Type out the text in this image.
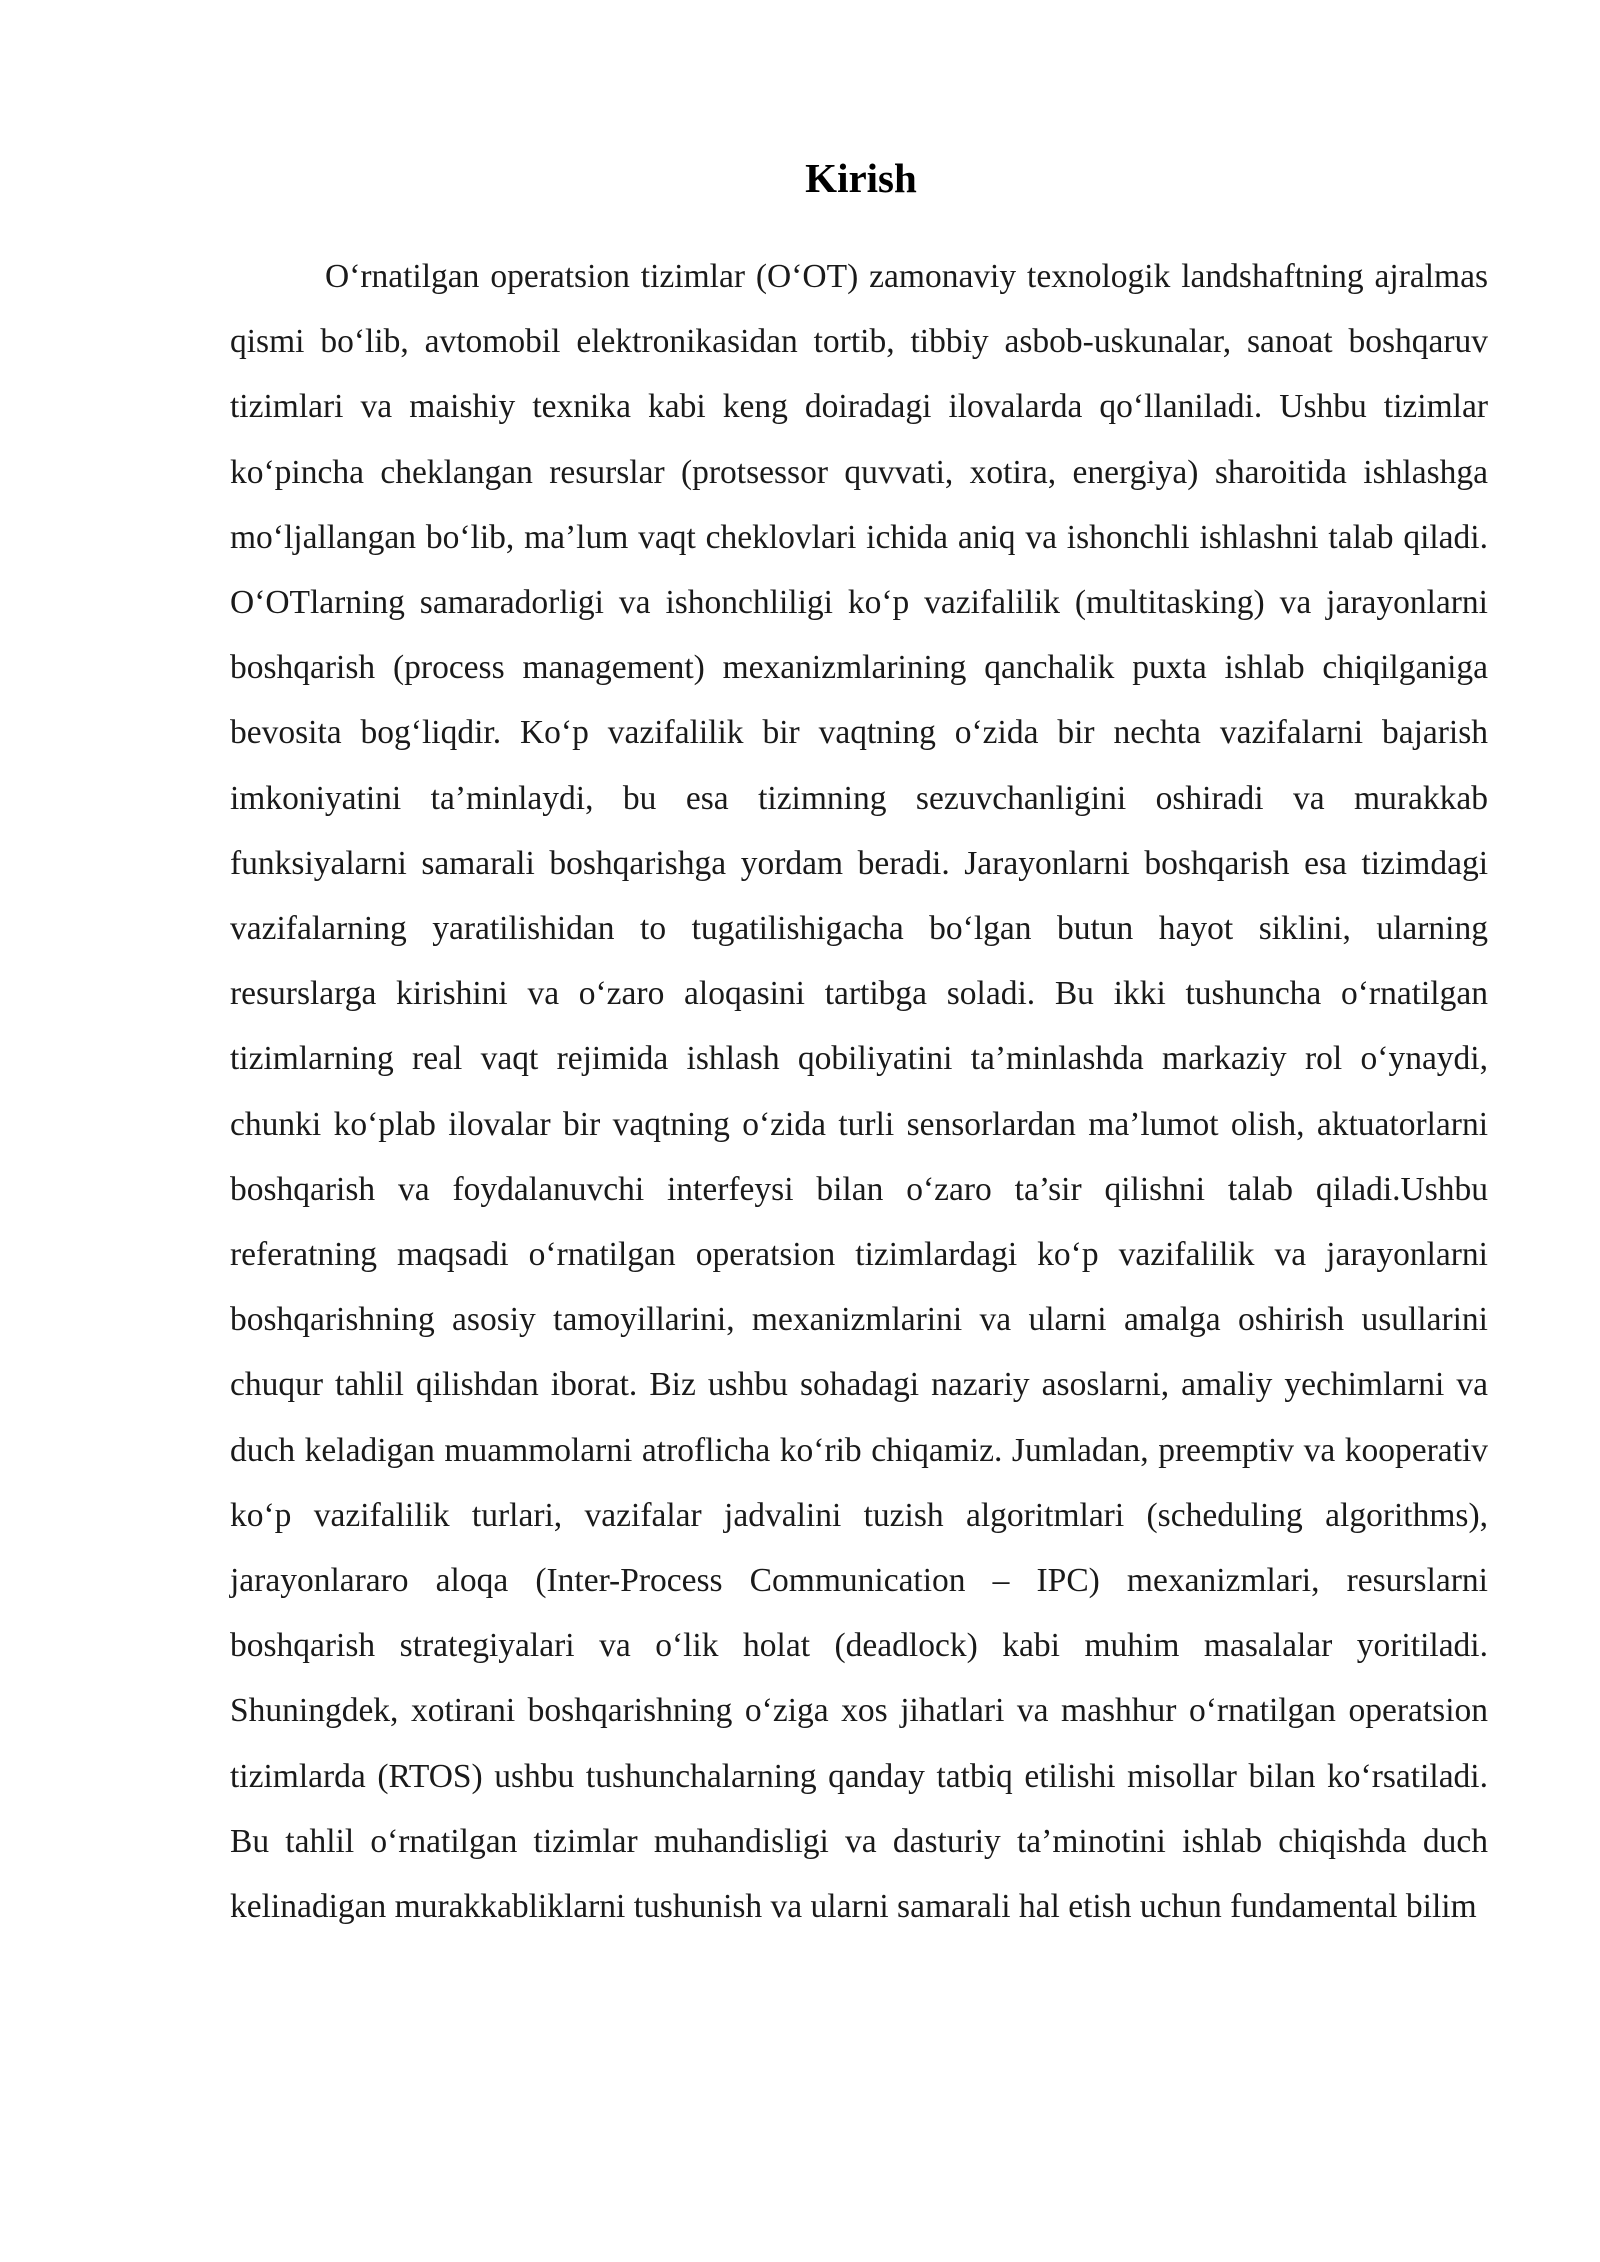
Kirish

O‘rnatilgan operatsion tizimlar (O‘OT) zamonaviy texnologik landshaftning ajralmas qismi bo‘lib, avtomobil elektronikasidan tortib, tibbiy asbob-uskunalar, sanoat boshqaruv tizimlari va maishiy texnika kabi keng doiradagi ilovalarda qo‘llaniladi. Ushbu tizimlar ko‘pincha cheklangan resurslar (protsessor quvvati, xotira, energiya) sharoitida ishlashga mo‘ljallangan bo‘lib, ma’lum vaqt cheklovlari ichida aniq va ishonchli ishlashni talab qiladi. O‘OTlarning samaradorligi va ishonchliligi ko‘p vazifalilik (multitasking) va jarayonlarni boshqarish (process management) mexanizmlarining qanchalik puxta ishlab chiqilganiga bevosita bog‘liqdir. Ko‘p vazifalilik bir vaqtning o‘zida bir nechta vazifalarni bajarish imkoniyatini ta’minlaydi, bu esa tizimning sezuvchanligini oshiradi va murakkab funksiyalarni samarali boshqarishga yordam beradi. Jarayonlarni boshqarish esa tizimdagi vazifalarning yaratilishidan to tugatilishigacha bo‘lgan butun hayot siklini, ularning resurslarga kirishini va o‘zaro aloqasini tartibga soladi. Bu ikki tushuncha o‘rnatilgan tizimlarning real vaqt rejimida ishlash qobiliyatini ta’minlashda markaziy rol o‘ynaydi, chunki ko‘plab ilovalar bir vaqtning o‘zida turli sensorlardan ma’lumot olish, aktuatorlarni boshqarish va foydalanuvchi interfeysi bilan o‘zaro ta’sir qilishni talab qiladi.Ushbu referatning maqsadi o‘rnatilgan operatsion tizimlardagi ko‘p vazifalilik va jarayonlarni boshqarishning asosiy tamoyillarini, mexanizmlarini va ularni amalga oshirish usullarini chuqur tahlil qilishdan iborat. Biz ushbu sohadagi nazariy asoslarni, amaliy yechimlarni va duch keladigan muammolarni atroflicha ko‘rib chiqamiz. Jumladan, preemptiv va kooperativ ko‘p vazifalilik turlari, vazifalar jadvalini tuzish algoritmlari (scheduling algorithms), jarayonlararo aloqa (Inter-Process Communication – IPC) mexanizmlari, resurslarni boshqarish strategiyalari va o‘lik holat (deadlock) kabi muhim masalalar yoritiladi. Shuningdek, xotirani boshqarishning o‘ziga xos jihatlari va mashhur o‘rnatilgan operatsion tizimlarda (RTOS) ushbu tushunchalarning qanday tatbiq etilishi misollar bilan ko‘rsatiladi. Bu tahlil o‘rnatilgan tizimlar muhandisligi va dasturiy ta’minotini ishlab chiqishda duch kelinadigan murakkabliklarni tushunish va ularni samarali hal etish uchun fundamental bilim
